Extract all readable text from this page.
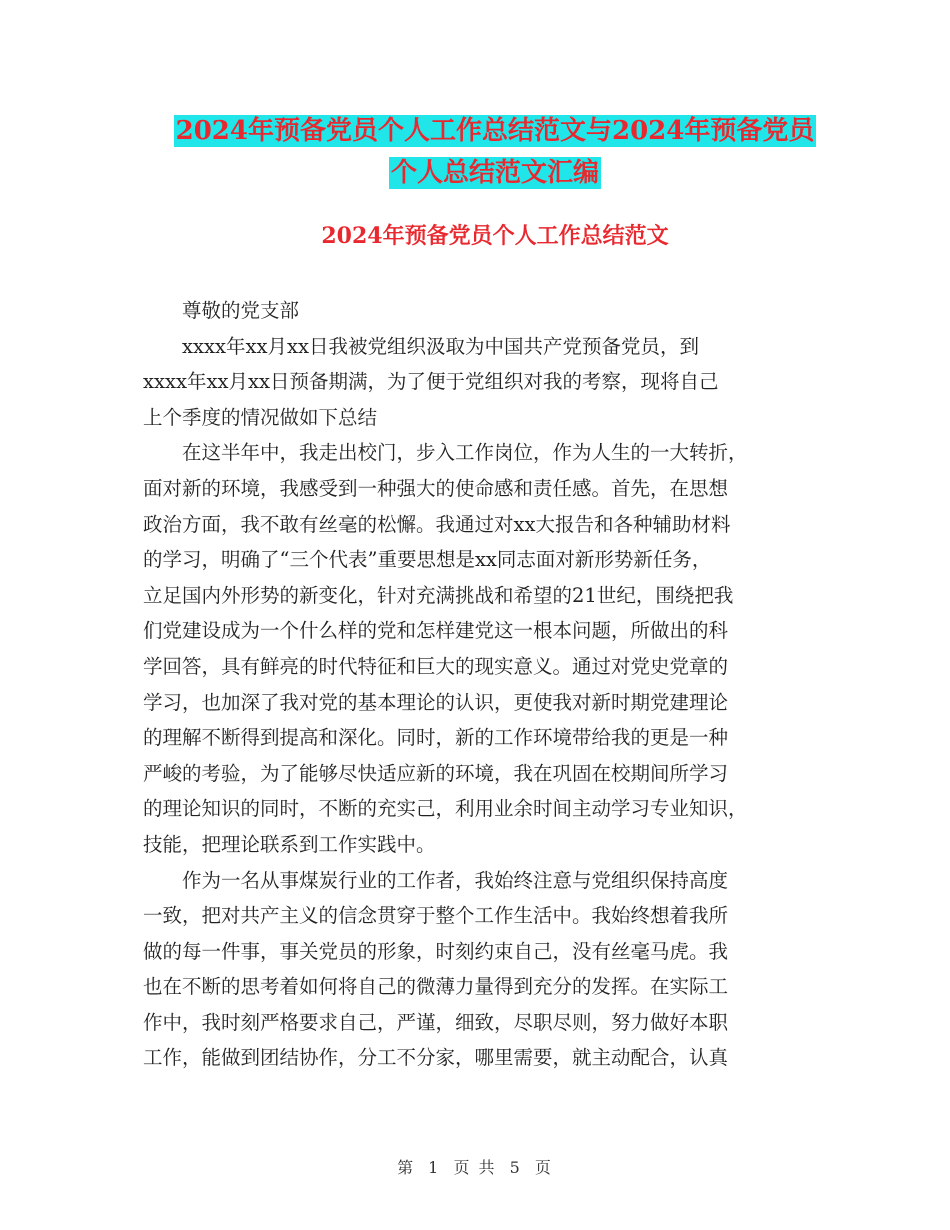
2024年预备党员个人工作总结范文与2024年预备党员
个人总结范文汇编
2024年预备党员个人工作总结范文
尊敬的党支部
xxxx年xx月xx日我被党组织汲取为中国共产党预备党员，到
xxxx年xx月xx日预备期满，为了便于党组织对我的考察，现将自己
上个季度的情况做如下总结
在这半年中，我走出校门，步入工作岗位，作为人生的一大转折，
面对新的环境，我感受到一种强大的使命感和责任感。首先，在思想
政治方面，我不敢有丝毫的松懈。我通过对xx大报告和各种辅助材料
的学习，明确了“三个代表”重要思想是xx同志面对新形势新任务，
立足国内外形势的新变化，针对充满挑战和希望的21世纪，围绕把我
们党建设成为一个什么样的党和怎样建党这一根本问题，所做出的科
学回答，具有鲜亮的时代特征和巨大的现实意义。通过对党史党章的
学习，也加深了我对党的基本理论的认识，更使我对新时期党建理论
的理解不断得到提高和深化。同时，新的工作环境带给我的更是一种
严峻的考验，为了能够尽快适应新的环境，我在巩固在校期间所学习
的理论知识的同时，不断的充实己，利用业余时间主动学习专业知识，
技能，把理论联系到工作实践中。
作为一名从事煤炭行业的工作者，我始终注意与党组织保持高度
一致，把对共产主义的信念贯穿于整个工作生活中。我始终想着我所
做的每一件事，事关党员的形象，时刻约束自己，没有丝毫马虎。我
也在不断的思考着如何将自己的微薄力量得到充分的发挥。在实际工
作中，我时刻严格要求自己，严谨，细致，尽职尽则，努力做好本职
工作，能做到团结协作，分工不分家，哪里需要，就主动配合，认真
第 1 页 共 5 页
